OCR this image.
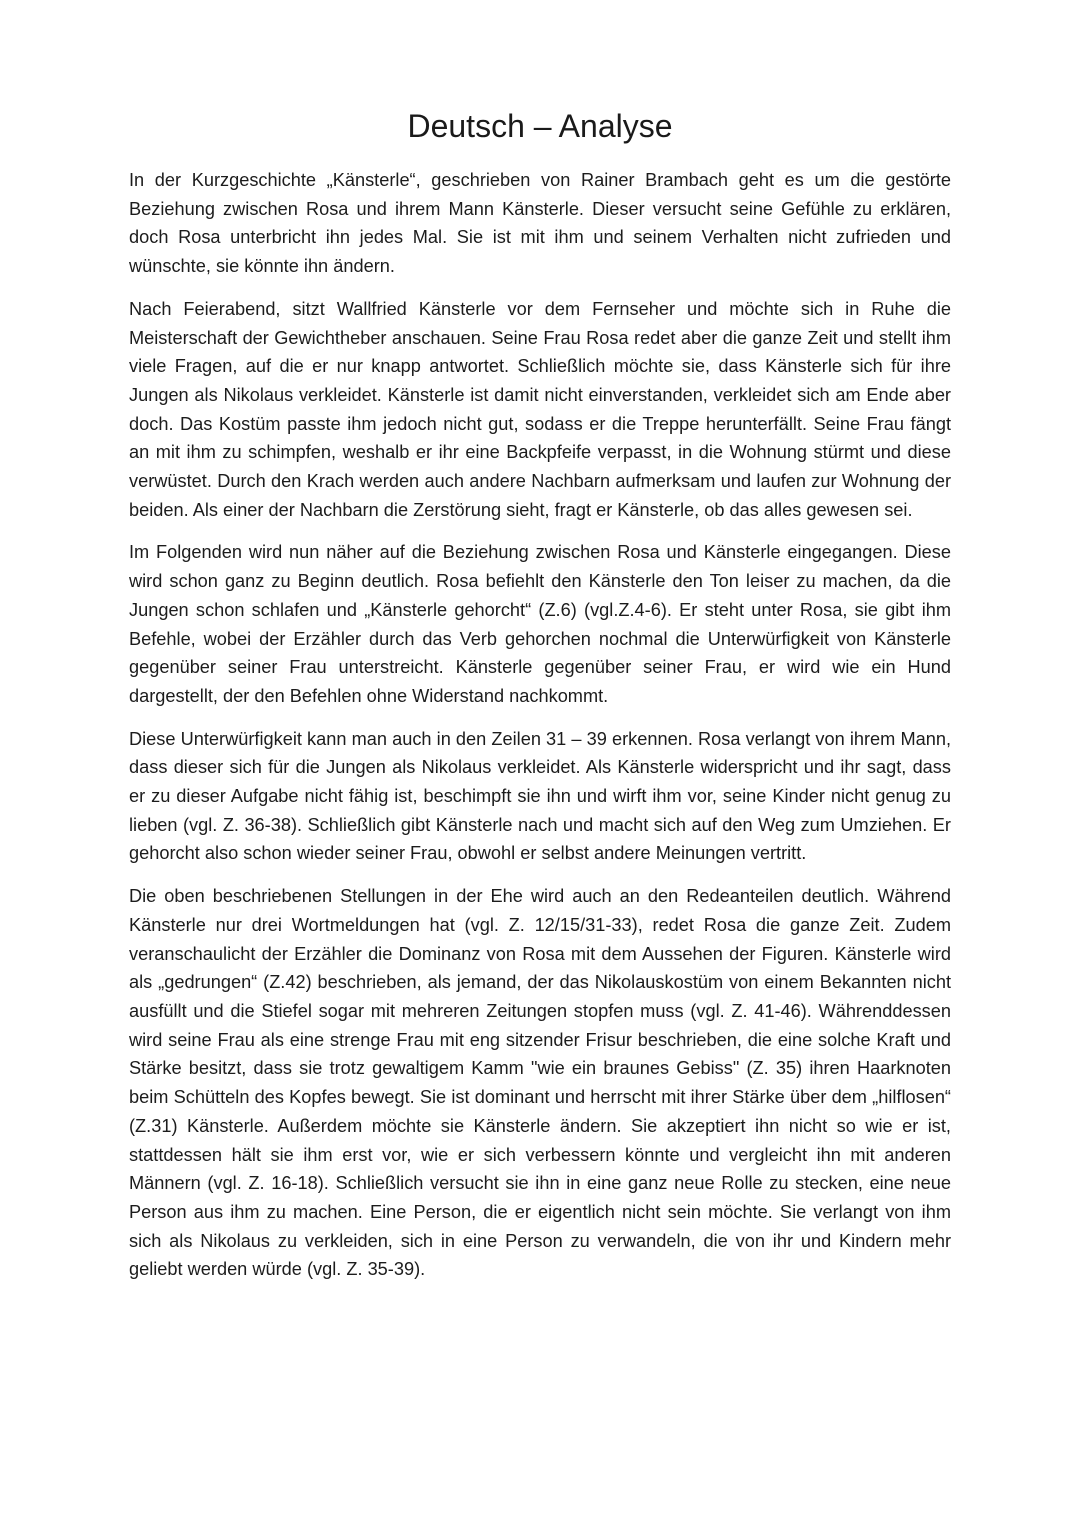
Deutsch – Analyse

In der Kurzgeschichte „Känsterle“, geschrieben von Rainer Brambach geht es um die gestörte Beziehung zwischen Rosa und ihrem Mann Känsterle. Dieser versucht seine Gefühle zu erklären, doch Rosa unterbricht ihn jedes Mal. Sie ist mit ihm und seinem Verhalten nicht zufrieden und wünschte, sie könnte ihn ändern.

Nach Feierabend, sitzt Wallfried Känsterle vor dem Fernseher und möchte sich in Ruhe die Meisterschaft der Gewichtheber anschauen. Seine Frau Rosa redet aber die ganze Zeit und stellt ihm viele Fragen, auf die er nur knapp antwortet. Schließlich möchte sie, dass Känsterle sich für ihre Jungen als Nikolaus verkleidet. Känsterle ist damit nicht einverstanden, verkleidet sich am Ende aber doch. Das Kostüm passte ihm jedoch nicht gut, sodass er die Treppe herunterfällt. Seine Frau fängt an mit ihm zu schimpfen, weshalb er ihr eine Backpfeife verpasst, in die Wohnung stürmt und diese verwüstet. Durch den Krach werden auch andere Nachbarn aufmerksam und laufen zur Wohnung der beiden. Als einer der Nachbarn die Zerstörung sieht, fragt er Känsterle, ob das alles gewesen sei.

Im Folgenden wird nun näher auf die Beziehung zwischen Rosa und Känsterle eingegangen. Diese wird schon ganz zu Beginn deutlich. Rosa befiehlt den Känsterle den Ton leiser zu machen, da die Jungen schon schlafen und „Känsterle gehorcht“ (Z.6) (vgl.Z.4-6). Er steht unter Rosa, sie gibt ihm Befehle, wobei der Erzähler durch das Verb gehorchen nochmal die Unterwürfigkeit von Känsterle gegenüber seiner Frau unterstreicht. Känsterle gegenüber seiner Frau, er wird wie ein Hund dargestellt, der den Befehlen ohne Widerstand nachkommt.

Diese Unterwürfigkeit kann man auch in den Zeilen 31 – 39 erkennen. Rosa verlangt von ihrem Mann, dass dieser sich für die Jungen als Nikolaus verkleidet. Als Känsterle widerspricht und ihr sagt, dass er zu dieser Aufgabe nicht fähig ist, beschimpft sie ihn und wirft ihm vor, seine Kinder nicht genug zu lieben (vgl. Z. 36-38). Schließlich gibt Känsterle nach und macht sich auf den Weg zum Umziehen. Er gehorcht also schon wieder seiner Frau, obwohl er selbst andere Meinungen vertritt.

Die oben beschriebenen Stellungen in der Ehe wird auch an den Redeanteilen deutlich. Während Känsterle nur drei Wortmeldungen hat (vgl. Z. 12/15/31-33), redet Rosa die ganze Zeit. Zudem veranschaulicht der Erzähler die Dominanz von Rosa mit dem Aussehen der Figuren. Känsterle wird als „gedrungen“ (Z.42) beschrieben, als jemand, der das Nikolauskostüm von einem Bekannten nicht ausfüllt und die Stiefel sogar mit mehreren Zeitungen stopfen muss (vgl. Z. 41-46). Währenddessen wird seine Frau als eine strenge Frau mit eng sitzender Frisur beschrieben, die eine solche Kraft und Stärke besitzt, dass sie trotz gewaltigem Kamm "wie ein braunes Gebiss" (Z. 35) ihren Haarknoten beim Schütteln des Kopfes bewegt. Sie ist dominant und herrscht mit ihrer Stärke über dem „hilflosen“ (Z.31) Känsterle. Außerdem möchte sie Känsterle ändern. Sie akzeptiert ihn nicht so wie er ist, stattdessen hält sie ihm erst vor, wie er sich verbessern könnte und vergleicht ihn mit anderen Männern (vgl. Z. 16-18). Schließlich versucht sie ihn in eine ganz neue Rolle zu stecken, eine neue Person aus ihm zu machen. Eine Person, die er eigentlich nicht sein möchte. Sie verlangt von ihm sich als Nikolaus zu verkleiden, sich in eine Person zu verwandeln, die von ihr und Kindern mehr geliebt werden würde (vgl. Z. 35-39).
